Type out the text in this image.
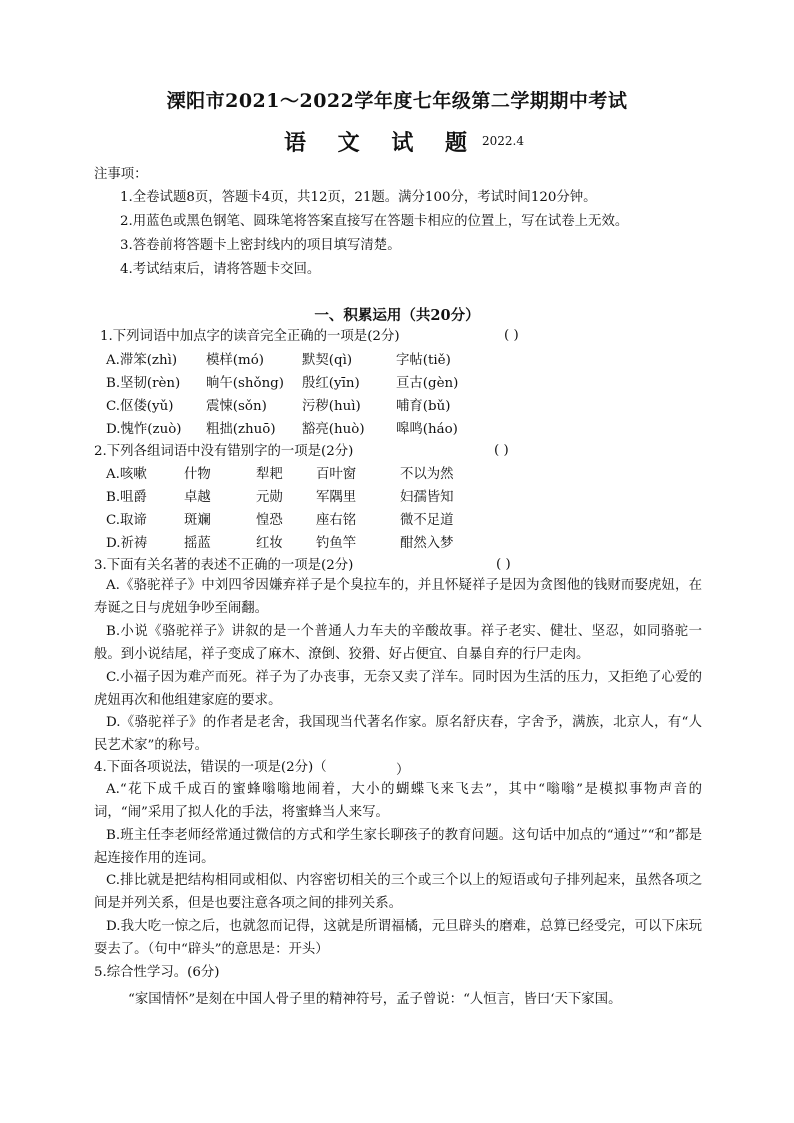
溧阳市2021～2022学年度七年级第二学期期中考试
语 文 试 题 2022.4
注事项：
1.全卷试题8页，答题卡4页，共12页，21题。满分100分，考试时间120分钟。
2.用蓝色或黑色钢笔、圆珠笔将答案直接写在答题卡相应的位置上，写在试卷上无效。
3.答卷前将答题卡上密封线内的项目填写清楚。
4.考试结束后，请将答题卡交回。
一、积累运用（共20分）
1.下列词语中加点字的读音完全正确的一项是(2分)	( )
A.滞笨(zhì) 模样(mó)	默契(qì)	字帖(tiě)
B.坚韧(rèn) 晌午(shǒng) 殷红(yīn)	亘古(gèn)
C.伛偻(yǔ) 震悚(sǒn)	污秽(huì)	哺育(bǔ)
D.愧怍(zuò) 粗拙(zhuō) 豁亮(huò) 嗥鸣(háo)
2.下列各组词语中没有错别字的一项是(2分)	( )
A.咳嗽	什物	犁耙 百叶窗	不以为然
B.咀爵	卓越	元勋 军隅里	妇孺皆知
C.取谛	斑斓	惶恐 座右铭	微不足道
D.祈祷	摇蓝	红妆 钓鱼竿	酣然入梦
3.下面有关名著的表述不正确的一项是(2分)	( )
A.《骆驼祥子》中刘四爷因嫌弃祥子是个臭拉车的，并且怀疑祥子是因为贪图他的钱财而娶虎妞，在寿诞之日与虎妞争吵至闹翻。
B.小说《骆驼祥子》讲叙的是一个普通人力车夫的辛酸故事。祥子老实、健壮、坚忍，如同骆驼一般。到小说结尾，祥子变成了麻木、潦倒、狡猾、好占便宜、自暴自弃的行尸走肉。
C.小福子因为难产而死。祥子为了办丧事，无奈又卖了洋车。同时因为生活的压力，又拒绝了心爱的虎妞再次和他组建家庭的要求。
D.《骆驼祥子》的作者是老舍，我国现当代著名作家。原名舒庆春，字舍予，满族，北京人，有“人民艺术家”的称号。
4.下面各项说法，错误的一项是(2分)（	）
A.“花下成千成百的蜜蜂嗡嗡地闹着，大小的蝴蝶飞来飞去”，其中“嗡嗡”是模拟事物声音的词，“闹”采用了拟人化的手法，将蜜蜂当人来写。
B.班主任李老师经常通过微信的方式和学生家长聊孩子的教育问题。这句话中加点的“通过”“和”都是起连接作用的连词。
C.排比就是把结构相同或相似、内容密切相关的三个或三个以上的短语或句子排列起来，虽然各项之间是并列关系，但是也要注意各项之间的排列关系。
D.我大吃一惊之后，也就忽而记得，这就是所谓福橘，元旦辟头的磨难，总算已经受完，可以下床玩耍去了。（句中“辟头”的意思是：开头）
5.综合性学习。(6分)
“家国情怀”是刻在中国人骨子里的精神符号，孟子曾说：“人恒言，皆曰‘天下家国。
